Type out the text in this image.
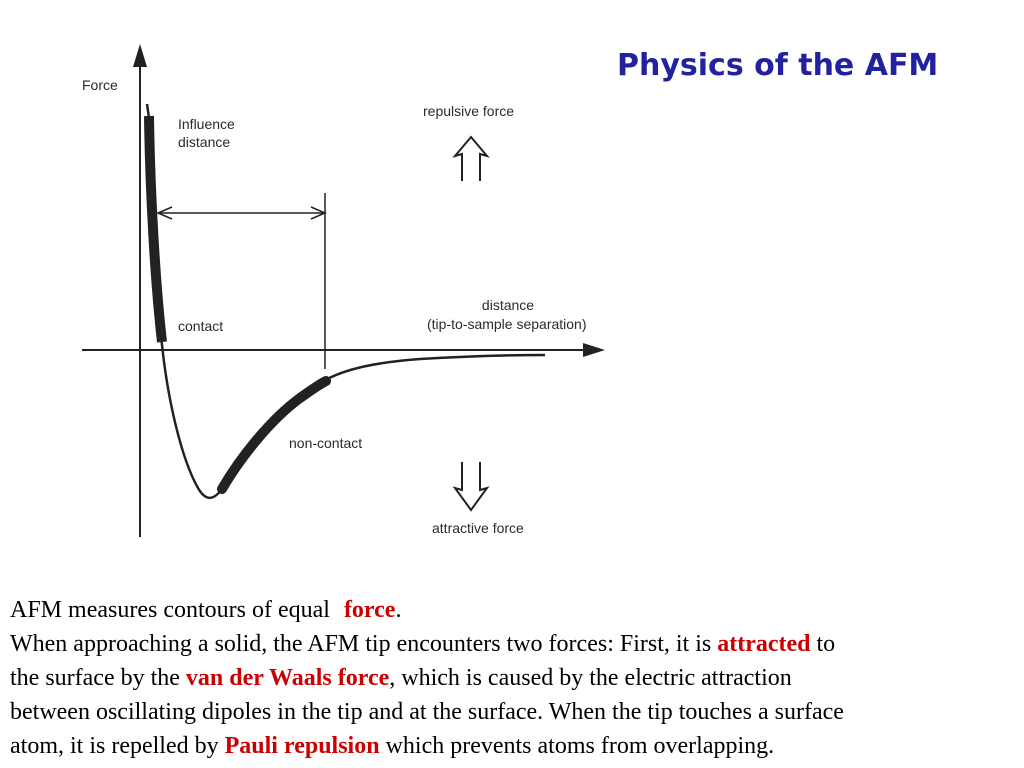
Force
Influence
distance
repulsive force
distance
(tip-to-sample separation)
contact
non-contact
attractive force
Physics of the AFM
AFM measures contours of equal force.
When approaching a solid, the AFM tip encounters two forces: First, it is attracted to
the surface by the van der Waals force, which is caused by the electric attraction
between oscillating dipoles in the tip and at the surface. When the tip touches a surface
atom, it is repelled by Pauli repulsion which prevents atoms from overlapping.
